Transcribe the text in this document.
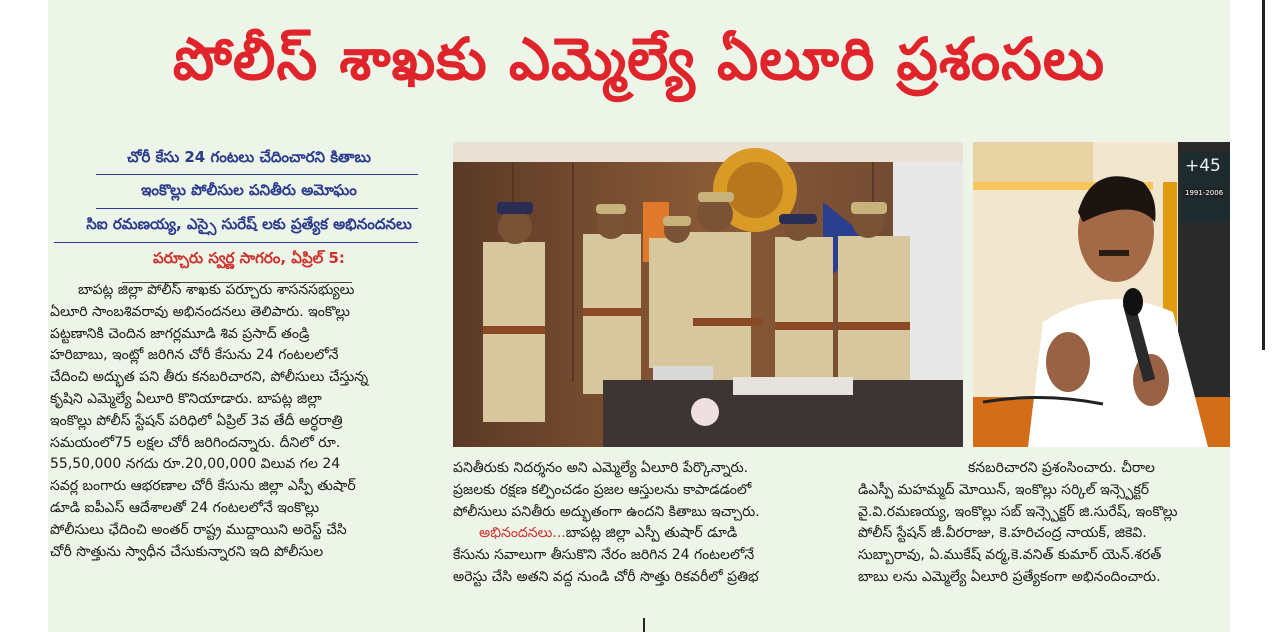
పోలీస్ శాఖకు ఎమ్మెల్యే ఏలూరి ప్రశంసలు
చోరీ కేసు 24 గంటలు చేదించారని కితాబు
ఇంకొల్లు పోలీసుల పనితీరు అమోఘం
సిఐ రమణయ్య, ఎస్సై సురేష్ లకు ప్రత్యేక అభినందనలు
పర్చూరు స్వర్ణ సాగరం, ఏప్రిల్ 5:

బాపట్ల జిల్లా పోలీస్ శాఖకు పర్చూరు శాసనసభ్యులు

ఏలూరి సాంబశివరావు అభినందనలు తెలిపారు. ఇంకొల్లు

పట్టణానికి చెందిన జాగర్లమూడి శివ ప్రసాద్ తండ్రి

హరిబాబు, ఇంట్లో జరిగిన చోరీ కేసును 24 గంటలలోనే

చేదించి అద్భుత పని తీరు కనబరిచారని, పోలీసులు చేస్తున్న

కృషిని ఎమ్మెల్యే ఏలూరి కొనియాడారు. బాపట్ల జిల్లా

ఇంకొల్లు పోలీస్ స్టేషన్ పరిధిలో ఏప్రిల్ 3వ తేదీ అర్ధరాత్రి

సమయంలో75 లక్షల చోరీ జరిగిందన్నారు. దీనిలో రూ.

55,50,000 నగదు రూ.20,00,000 విలువ గల 24

సవర్ల బంగారు ఆభరణాల చోరీ కేసును జిల్లా ఎస్పీ తుషార్

డూడి ఐపీఎస్ ఆదేశాలతో 24 గంటలలోనే ఇంకొల్లు

పోలీసులు ఛేదించి అంతర్ రాష్ట్ర ముద్దాయిని అరెస్ట్ చేసి

చోరీ సొత్తును స్వాధీన చేసుకున్నారని ఇది పోలీసుల

+45
1991-2006

పనితీరుకు నిదర్శనం అని ఎమ్మెల్యే ఏలూరి పేర్కొన్నారు.

ప్రజలకు రక్షణ కల్పించడం ప్రజల ఆస్తులను కాపాడడంలో

పోలీసులు పనితీరు అద్భుతంగా ఉందని కితాబు ఇచ్చారు.

అభినందనలు...బాపట్ల జిల్లా ఎస్పీ తుషార్ డూడి

కేసును సవాలుగా తీసుకొని నేరం జరిగిన 24 గంటలలోనే

అరెస్టు చేసి అతని వద్ద నుండి చోరీ సొత్తు రికవరీలో ప్రతిభ

కనబరిచారని ప్రశంసించారు. చీరాల

డిఎస్పీ మహమ్మద్ మోయిన్, ఇంకొల్లు సర్కిల్ ఇన్స్పెక్టర్

వై.వి.రమణయ్య, ఇంకొల్లు సబ్ ఇన్స్పెక్టర్ జి.సురేష్, ఇంకొల్లు

పోలీస్ స్టేషన్ జీ.వీరరాజు, కె.హరిచంద్ర నాయక్, జికెవి.

సుబ్బారావు, ఏ.ముకేష్ వర్మ,కె.వనిత్ కుమార్ యెన్.శరత్

బాబు లను ఎమ్మెల్యే ఏలూరి ప్రత్యేకంగా అభినందించారు.
